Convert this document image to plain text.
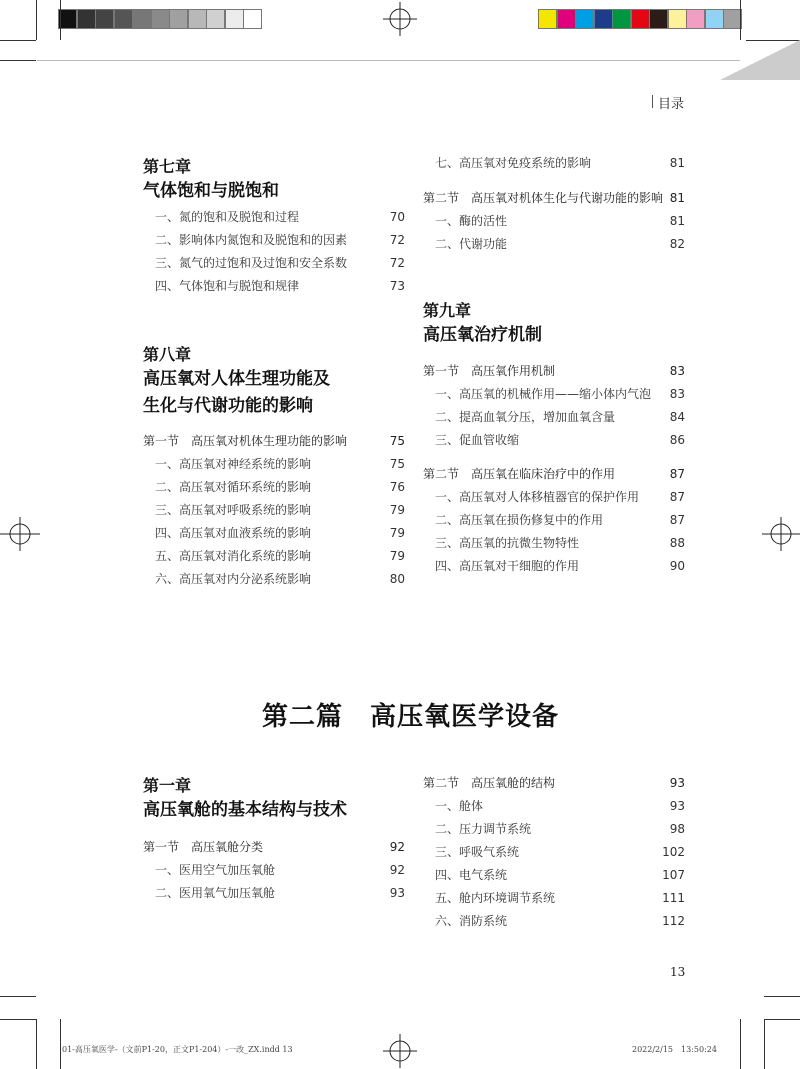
目录
第七章
气体饱和与脱饱和
一、氮的饱和及脱饱和过程	70
二、影响体内氮饱和及脱饱和的因素	72
三、氮气的过饱和及过饱和安全系数	72
四、气体饱和与脱饱和规律	73
第八章
高压氧对人体生理功能及
生化与代谢功能的影响
第一节　高压氧对机体生理功能的影响	75
一、高压氧对神经系统的影响	75
二、高压氧对循环系统的影响	76
三、高压氧对呼吸系统的影响	79
四、高压氧对血液系统的影响	79
五、高压氧对消化系统的影响	79
六、高压氧对内分泌系统影响	80
七、高压氧对免疫系统的影响	81
第二节　高压氧对机体生化与代谢功能的影响 81
一、酶的活性	81
二、代谢功能	82
第九章
高压氧治疗机制
第一节　高压氧作用机制	83
一、高压氧的机械作用——缩小体内气泡 83
二、提高血氧分压，增加血氧含量	84
三、促血管收缩	86
第二节　高压氧在临床治疗中的作用	87
一、高压氧对人体移植器官的保护作用	87
二、高压氧在损伤修复中的作用	87
三、高压氧的抗微生物特性	88
四、高压氧对干细胞的作用	90
第二篇　高压氧医学设备
第一章
高压氧舱的基本结构与技术
第一节　高压氧舱分类	92
一、医用空气加压氧舱	92
二、医用氧气加压氧舱	93
第二节　高压氧舱的结构	93
一、舱体	93
二、压力调节系统	98
三、呼吸气系统	102
四、电气系统	107
五、舱内环境调节系统	111
六、消防系统	112
13
01-高压氧医学-（文前P1-20，正文P1-204）-一改_ZX.indd 13	2022/2/15　13:50:24
